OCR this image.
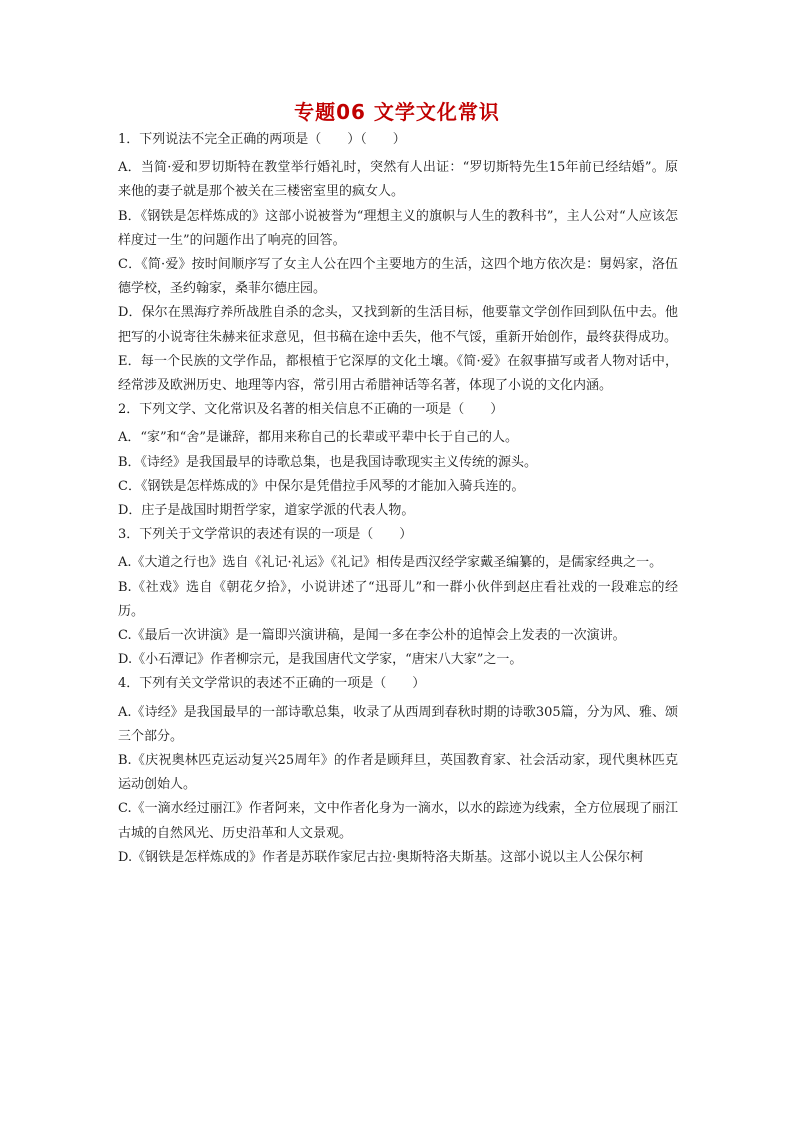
专题06 文学文化常识
1．下列说法不完全正确的两项是（　　）（　　）
A．当简·爱和罗切斯特在教堂举行婚礼时，突然有人出证：“罗切斯特先生15年前已经结婚”。原来他的妻子就是那个被关在三楼密室里的疯女人。
B．《钢铁是怎样炼成的》这部小说被誉为“理想主义的旗帜与人生的教科书”，主人公对“人应该怎样度过一生”的问题作出了响亮的回答。
C．《简·爱》按时间顺序写了女主人公在四个主要地方的生活，这四个地方依次是：舅妈家，洛伍德学校，圣约翰家，桑菲尔德庄园。
D．保尔在黑海疗养所战胜自杀的念头，又找到新的生活目标，他要靠文学创作回到队伍中去。他把写的小说寄往朱赫来征求意见，但书稿在途中丢失，他不气馁，重新开始创作，最终获得成功。
E．每一个民族的文学作品，都根植于它深厚的文化土壤。《简·爱》在叙事描写或者人物对话中，经常涉及欧洲历史、地理等内容，常引用古希腊神话等名著，体现了小说的文化内涵。
2．下列文学、文化常识及名著的相关信息不正确的一项是（　　）
A．“家”和“舍”是谦辞，都用来称自己的长辈或平辈中长于自己的人。
B．《诗经》是我国最早的诗歌总集，也是我国诗歌现实主义传统的源头。
C．《钢铁是怎样炼成的》中保尔是凭借拉手风琴的才能加入骑兵连的。
D．庄子是战国时期哲学家，道家学派的代表人物。
3．下列关于文学常识的表述有误的一项是（　　）
A.《大道之行也》选自《礼记·礼运》《礼记》相传是西汉经学家戴圣编纂的，是儒家经典之一。
B.《社戏》选自《朝花夕拾》，小说讲述了“迅哥儿”和一群小伙伴到赵庄看社戏的一段难忘的经历。
C.《最后一次讲演》是一篇即兴演讲稿，是闻一多在李公朴的追悼会上发表的一次演讲。
D.《小石潭记》作者柳宗元，是我国唐代文学家，“唐宋八大家”之一。
4．下列有关文学常识的表述不正确的一项是（　　）
A.《诗经》是我国最早的一部诗歌总集，收录了从西周到春秋时期的诗歌305篇，分为风、雅、颂三个部分。
B.《庆祝奥林匹克运动复兴25周年》的作者是顾拜旦，英国教育家、社会活动家，现代奥林匹克运动创始人。
C.《一滴水经过丽江》作者阿来，文中作者化身为一滴水，以水的踪迹为线索，全方位展现了丽江古城的自然风光、历史沿革和人文景观。
D.《钢铁是怎样炼成的》作者是苏联作家尼古拉·奥斯特洛夫斯基。这部小说以主人公保尔柯
